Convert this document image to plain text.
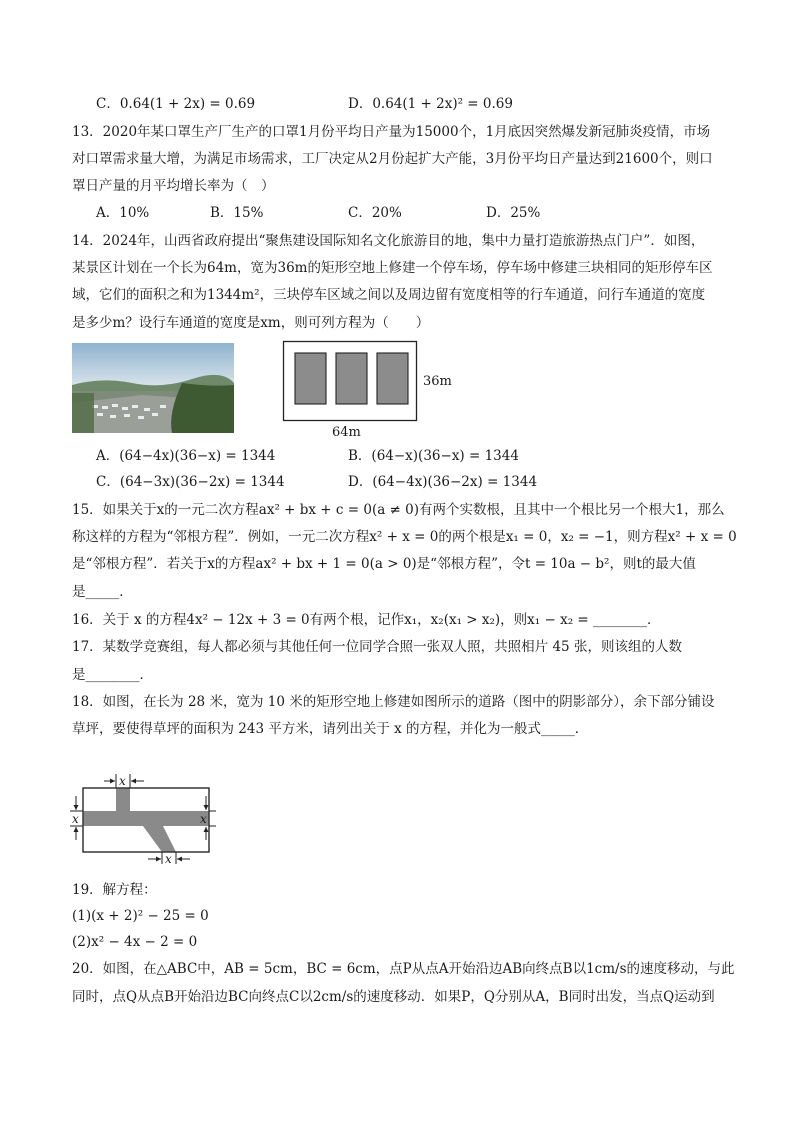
C．0.64(1 + 2x) = 0.69	D．0.64(1 + 2x)² = 0.69
13．2020年某口罩生产厂生产的口罩1月份平均日产量为15000个，1月底因突然爆发新冠肺炎疫情，市场
对口罩需求量大增，为满足市场需求，工厂决定从2月份起扩大产能，3月份平均日产量达到21600个，则口
罩日产量的月平均增长率为（　）
A．10%	B．15%	C．20%	D．25%
14．2024年，山西省政府提出“聚焦建设国际知名文化旅游目的地，集中力量打造旅游热点门户”．如图，
某景区计划在一个长为64m，宽为36m的矩形空地上修建一个停车场，停车场中修建三块相同的矩形停车区
域，它们的面积之和为1344m²，三块停车区域之间以及周边留有宽度相等的行车通道，问行车通道的宽度
是多少m？设行车通道的宽度是xm，则可列方程为（　　）
36m
64m
A．(64−4x)(36−x) = 1344	B．(64−x)(36−x) = 1344
C．(64−3x)(36−2x) = 1344	D．(64−4x)(36−2x) = 1344
15．如果关于x的一元二次方程ax² + bx + c = 0(a ≠ 0)有两个实数根，且其中一个根比另一个根大1，那么
称这样的方程为“邻根方程”．例如，一元二次方程x² + x = 0的两个根是x₁ = 0，x₂ = −1，则方程x² + x = 0
是“邻根方程”．若关于x的方程ax² + bx + 1 = 0(a > 0)是“邻根方程”，令t = 10a − b²，则t的最大值
是_____．
16．关于 x 的方程4x² − 12x + 3 = 0有两个根，记作x₁，x₂(x₁ > x₂)，则x₁ − x₂ = ________．
17．某数学竞赛组，每人都必须与其他任何一位同学合照一张双人照，共照相片 45 张，则该组的人数
是________．
18．如图，在长为 28 米，宽为 10 米的矩形空地上修建如图所示的道路（图中的阴影部分），余下部分铺设
草坪，要使得草坪的面积为 243 平方米，请列出关于 x 的方程，并化为一般式_____．
x
x	x
x
19．解方程：
(1)(x + 2)² − 25 = 0
(2)x² − 4x − 2 = 0
20．如图，在△ABC中，AB = 5cm，BC = 6cm，点P从点A开始沿边AB向终点B以1cm/s的速度移动，与此
同时，点Q从点B开始沿边BC向终点C以2cm/s的速度移动．如果P，Q分别从A，B同时出发，当点Q运动到
